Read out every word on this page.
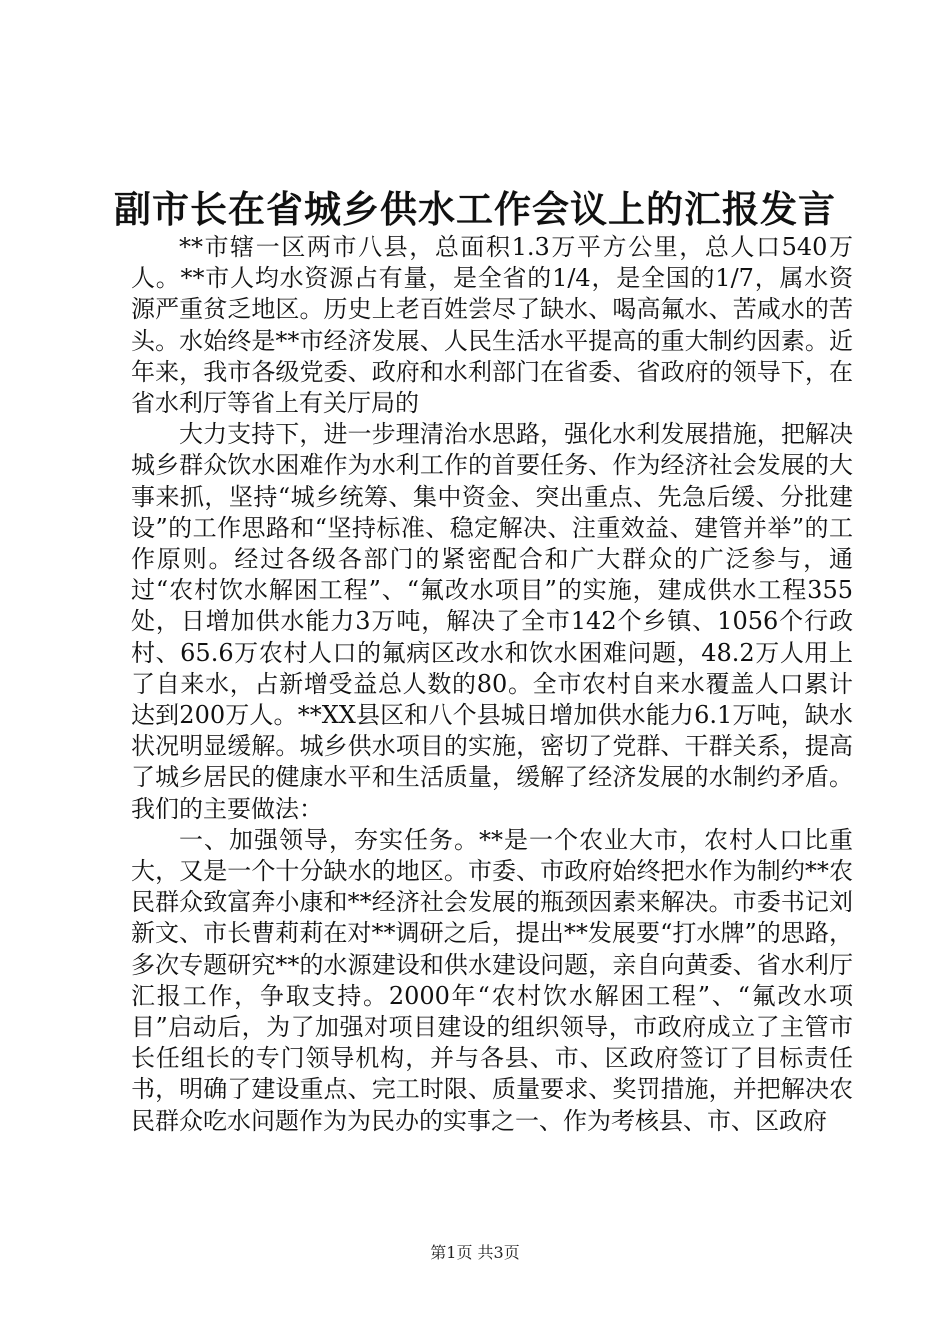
副市长在省城乡供水工作会议上的汇报发言

**市辖一区两市八县，总面积1.3万平方公里，总人口540万人。**市人均水资源占有量，是全省的1/4，是全国的1/7，属水资源严重贫乏地区。历史上老百姓尝尽了缺水、喝高氟水、苦咸水的苦头。水始终是**市经济发展、人民生活水平提高的重大制约因素。近年来，我市各级党委、政府和水利部门在省委、省政府的领导下，在省水利厅等省上有关厅局的

大力支持下，进一步理清治水思路，强化水利发展措施，把解决城乡群众饮水困难作为水利工作的首要任务、作为经济社会发展的大事来抓，坚持“城乡统筹、集中资金、突出重点、先急后缓、分批建设”的工作思路和“坚持标准、稳定解决、注重效益、建管并举”的工作原则。经过各级各部门的紧密配合和广大群众的广泛参与，通过“农村饮水解困工程”、“氟改水项目”的实施，建成供水工程355处，日增加供水能力3万吨，解决了全市142个乡镇、1056个行政村、65.6万农村人口的氟病区改水和饮水困难问题，48.2万人用上了自来水，占新增受益总人数的80。全市农村自来水覆盖人口累计达到200万人。**XX县区和八个县城日增加供水能力6.1万吨，缺水状况明显缓解。城乡供水项目的实施，密切了党群、干群关系，提高了城乡居民的健康水平和生活质量，缓解了经济发展的水制约矛盾。我们的主要做法：

一、加强领导，夯实任务。**是一个农业大市，农村人口比重大，又是一个十分缺水的地区。市委、市政府始终把水作为制约**农民群众致富奔小康和**经济社会发展的瓶颈因素来解决。市委书记刘新文、市长曹莉莉在对**调研之后，提出**发展要“打水牌”的思路，多次专题研究**的水源建设和供水建设问题，亲自向黄委、省水利厅汇报工作，争取支持。2000年“农村饮水解困工程”、“氟改水项目”启动后，为了加强对项目建设的组织领导，市政府成立了主管市长任组长的专门领导机构，并与各县、市、区政府签订了目标责任书，明确了建设重点、完工时限、质量要求、奖罚措施，并把解决农民群众吃水问题作为为民办的实事之一、作为考核县、市、区政府

第1页 共3页
